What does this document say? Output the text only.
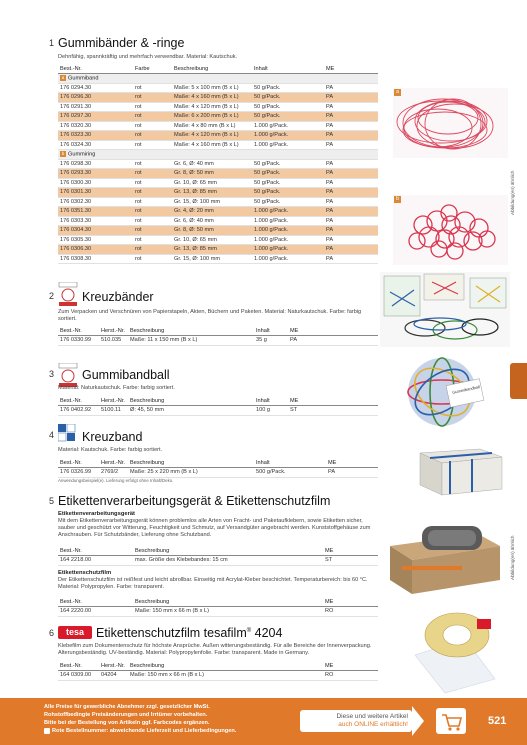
1 Gummibänder & -ringe
Dehnfähig, spannkräftig und mehrfach verwendbar. Material: Kautschuk.
Best.-Nr.	Farbe	Beschreibung	Inhalt	ME
a Gummiband				
176 0294.30	rot	Maße: 5 x 100 mm (B x L)	50 g/Pack.	PA
176 0296.30	rot	Maße: 4 x 160 mm (B x L)	50 g/Pack.	PA
176 0291.30	rot	Maße: 4 x 120 mm (B x L)	50 g/Pack.	PA
176 0297.30	rot	Maße: 6 x 200 mm (B x L)	50 g/Pack.	PA
176 0320.30	rot	Maße: 4 x 80 mm (B x L)	1.000 g/Pack.	PA
176 0323.30	rot	Maße: 4 x 120 mm (B x L)	1.000 g/Pack.	PA
176 0324.30	rot	Maße: 4 x 160 mm (B x L)	1.000 g/Pack.	PA
b Gummiring				
176 0298.30	rot	Gr. 6, Ø: 40 mm	50 g/Pack.	PA
176 0293.30	rot	Gr. 8, Ø: 50 mm	50 g/Pack.	PA
176 0300.30	rot	Gr. 10, Ø: 65 mm	50 g/Pack.	PA
176 0301.30	rot	Gr. 13, Ø: 85 mm	50 g/Pack.	PA
176 0302.30	rot	Gr. 15, Ø: 100 mm	50 g/Pack.	PA
176 0351.30	rot	Gr. 4, Ø: 20 mm	1.000 g/Pack.	PA
176 0303.30	rot	Gr. 6, Ø: 40 mm	1.000 g/Pack.	PA
176 0304.30	rot	Gr. 8, Ø: 50 mm	1.000 g/Pack.	PA
176 0305.30	rot	Gr. 10, Ø: 65 mm	1.000 g/Pack.	PA
176 0306.30	rot	Gr. 13, Ø: 85 mm	1.000 g/Pack.	PA
176 0308.30	rot	Gr. 15, Ø: 100 mm	1.000 g/Pack.	PA
a
b	Abbildung(en) ähnlich
2 Kreuzbänder
Zum Verpacken und Verschnüren von Papierstapeln, Akten, Büchern und Paketen. Material: Naturkautschuk. Farbe: farbig sortiert.
Best.-Nr.	Herst.-Nr.	Beschreibung	Inhalt	ME
176 0330.99	510.035	Maße: 11 x 150 mm (B x L)	35 g	PA
3 Gummibandball
Material: Naturkautschuk. Farbe: farbig sortiert.
Best.-Nr.	Herst.-Nr.	Beschreibung	Inhalt	ME
176 0402.92	5100.11	Ø: 45, 50 mm	100 g	ST
Gummibandball
4 Kreuzband
Material: Kautschuk. Farbe: farbig sortiert.
Best.-Nr.	Herst.-Nr.	Beschreibung	Inhalt	ME
176 0326.99	2769/2	Maße: 25 x 220 mm (B x L)	500 g/Pack.	PA
Anwendungsbeispiel(e). Lieferung erfolgt ohne Inhalt/Deko.
5 Etikettenverarbeitungsgerät & Etikettenschutzfilm
Etikettenverarbeitungsgerät
Mit dem Etikettenverarbeitungsgerät können problemlos alle Arten von Fracht- und Paketaufklebern, sowie Etiketten sicher, sauber und geschützt vor Witterung, Feuchtigkeit und Schmutz, auf Versandgüter angebracht werden. Kunststoffgehäuse zum Anschrauben. Für Schutzbänder, Lieferung ohne Schutzband.
Best.-Nr.	Beschreibung	ME
164 2218.00	max. Größe des Klebebandes: 15 cm	ST
Etikettenschutzfilm
Der Etikettenschutzfilm ist reißfest und leicht abrollbar. Einseitig mit Acrylat-Kleber beschichtet. Temperaturbereich: bis 60 °C. Material: Polypropylen. Farbe: transparent.
Best.-Nr.	Beschreibung	ME
164 2220.00	Maße: 150 mm x 66 m (B x L)	RO
Abbildung(en) ähnlich
6	tesa Etikettenschutzfilm tesafilm® 4204
Klebefilm zum Dokumentenschutz für höchste Ansprüche. Außen witterungsbeständig. Für alle Bereiche der Innenverpackung. Alterungsbeständig. UV-beständig. Material: Polypropylenfolie. Farbe: transparent. Made in Germany.
Best.-Nr.	Herst.-Nr.	Beschreibung	ME
164 0309.00	04204	Maße: 150 mm x 66 m (B x L)	RO
Alle Preise für gewerbliche Abnehmer zzgl. gesetzlicher MwSt.
Rohstoffbedingte Preisänderungen und Irrtümer vorbehalten.
Bitte bei der Bestellung von Artikeln ggf. Farbcodes ergänzen.
Rote Bestellnummer: abweichende Lieferzeit und Lieferbedingungen.
Diese und weitere Artikel
auch ONLINE erhältlich!	521
